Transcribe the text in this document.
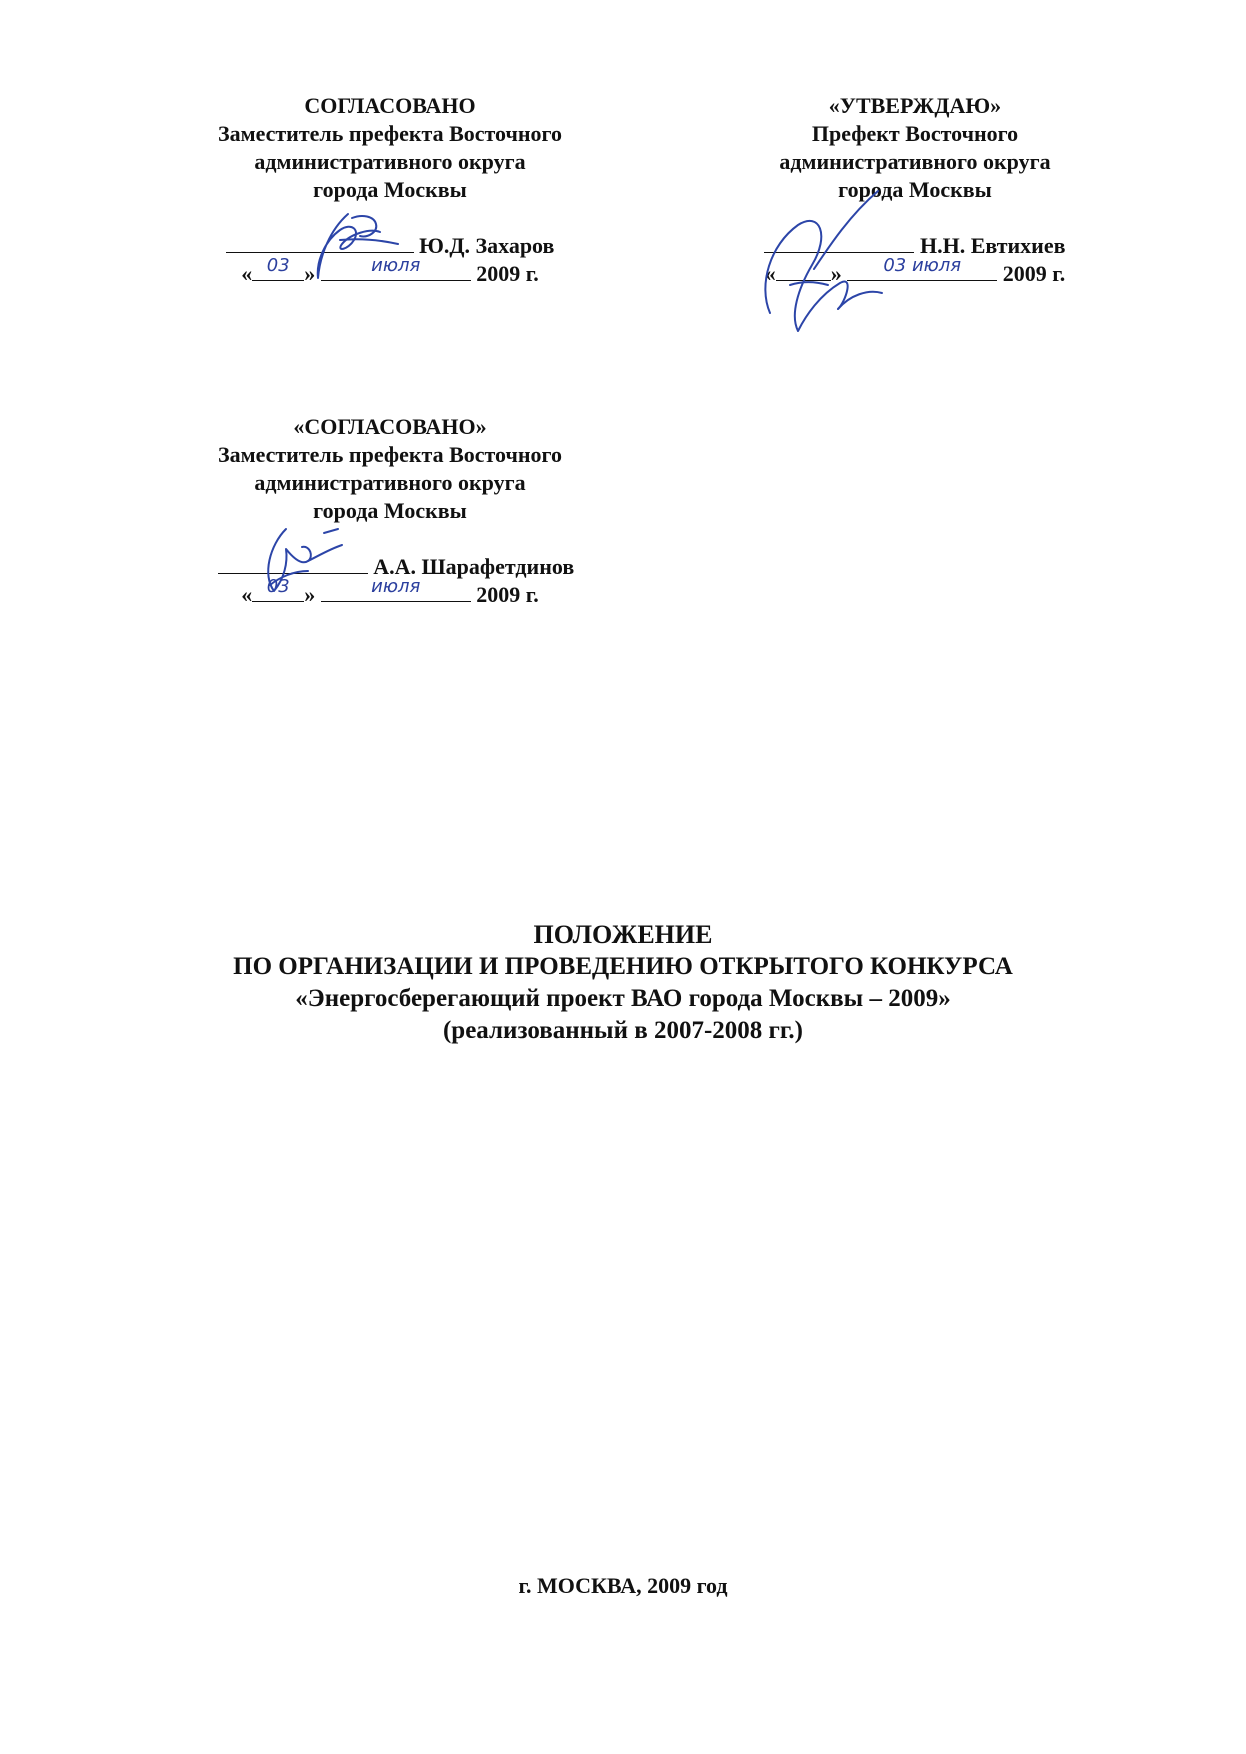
СОГЛАСОВАНО
Заместитель префекта Восточного
административного округа
города Москвы
Ю.Д. Захаров
« 03 »	июля	2009 г.
«УТВЕРЖДАЮ»
Префект Восточного
административного округа
города Москвы
Н.Н. Евтихиев
«	»	03 июля	2009 г.
«СОГЛАСОВАНО»
Заместитель префекта Восточного
административного округа
города Москвы
А.А. Шарафетдинов
« 03 »	июля	2009 г.
ПОЛОЖЕНИЕ
ПО ОРГАНИЗАЦИИ И ПРОВЕДЕНИЮ ОТКРЫТОГО КОНКУРСА
«Энергосберегающий проект ВАО города Москвы – 2009»
(реализованный в 2007-2008 гг.)
г. МОСКВА, 2009 год
